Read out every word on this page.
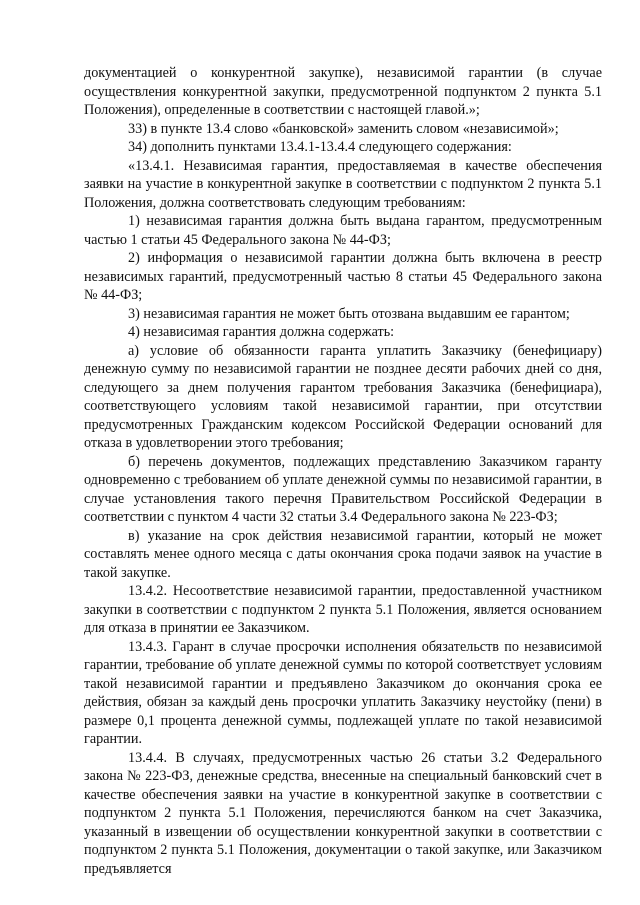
документацией о конкурентной закупке), независимой гарантии (в случае осуществления конкурентной закупки, предусмотренной подпунктом 2 пункта 5.1 Положения), определенные в соответствии с настоящей главой.»;

33) в пункте 13.4 слово «банковской» заменить словом «независимой»;

34) дополнить пунктами 13.4.1-13.4.4 следующего содержания:

«13.4.1. Независимая гарантия, предоставляемая в качестве обеспечения заявки на участие в конкурентной закупке в соответствии с подпунктом 2 пункта 5.1 Положения, должна соответствовать следующим требованиям:

1) независимая гарантия должна быть выдана гарантом, предусмотренным частью 1 статьи 45 Федерального закона № 44-ФЗ;

2) информация о независимой гарантии должна быть включена в реестр независимых гарантий, предусмотренный частью 8 статьи 45 Федерального закона № 44-ФЗ;

3) независимая гарантия не может быть отозвана выдавшим ее гарантом;

4) независимая гарантия должна содержать:

а) условие об обязанности гаранта уплатить Заказчику (бенефициару) денежную сумму по независимой гарантии не позднее десяти рабочих дней со дня, следующего за днем получения гарантом требования Заказчика (бенефициара), соответствующего условиям такой независимой гарантии, при отсутствии предусмотренных Гражданским кодексом Российской Федерации оснований для отказа в удовлетворении этого требования;

б) перечень документов, подлежащих представлению Заказчиком гаранту одновременно с требованием об уплате денежной суммы по независимой гарантии, в случае установления такого перечня Правительством Российской Федерации в соответствии с пунктом 4 части 32 статьи 3.4 Федерального закона № 223-ФЗ;

в) указание на срок действия независимой гарантии, который не может составлять менее одного месяца с даты окончания срока подачи заявок на участие в такой закупке.

13.4.2. Несоответствие независимой гарантии, предоставленной участником закупки в соответствии с подпунктом 2 пункта 5.1 Положения, является основанием для отказа в принятии ее Заказчиком.

13.4.3. Гарант в случае просрочки исполнения обязательств по независимой гарантии, требование об уплате денежной суммы по которой соответствует условиям такой независимой гарантии и предъявлено Заказчиком до окончания срока ее действия, обязан за каждый день просрочки уплатить Заказчику неустойку (пени) в размере 0,1 процента денежной суммы, подлежащей уплате по такой независимой гарантии.

13.4.4. В случаях, предусмотренных частью 26 статьи 3.2 Федерального закона № 223-ФЗ, денежные средства, внесенные на специальный банковский счет в качестве обеспечения заявки на участие в конкурентной закупке в соответствии с подпунктом 2 пункта 5.1 Положения, перечисляются банком на счет Заказчика, указанный в извещении об осуществлении конкурентной закупки в соответствии с подпунктом 2 пункта 5.1 Положения, документации о такой закупке, или Заказчиком предъявляется
